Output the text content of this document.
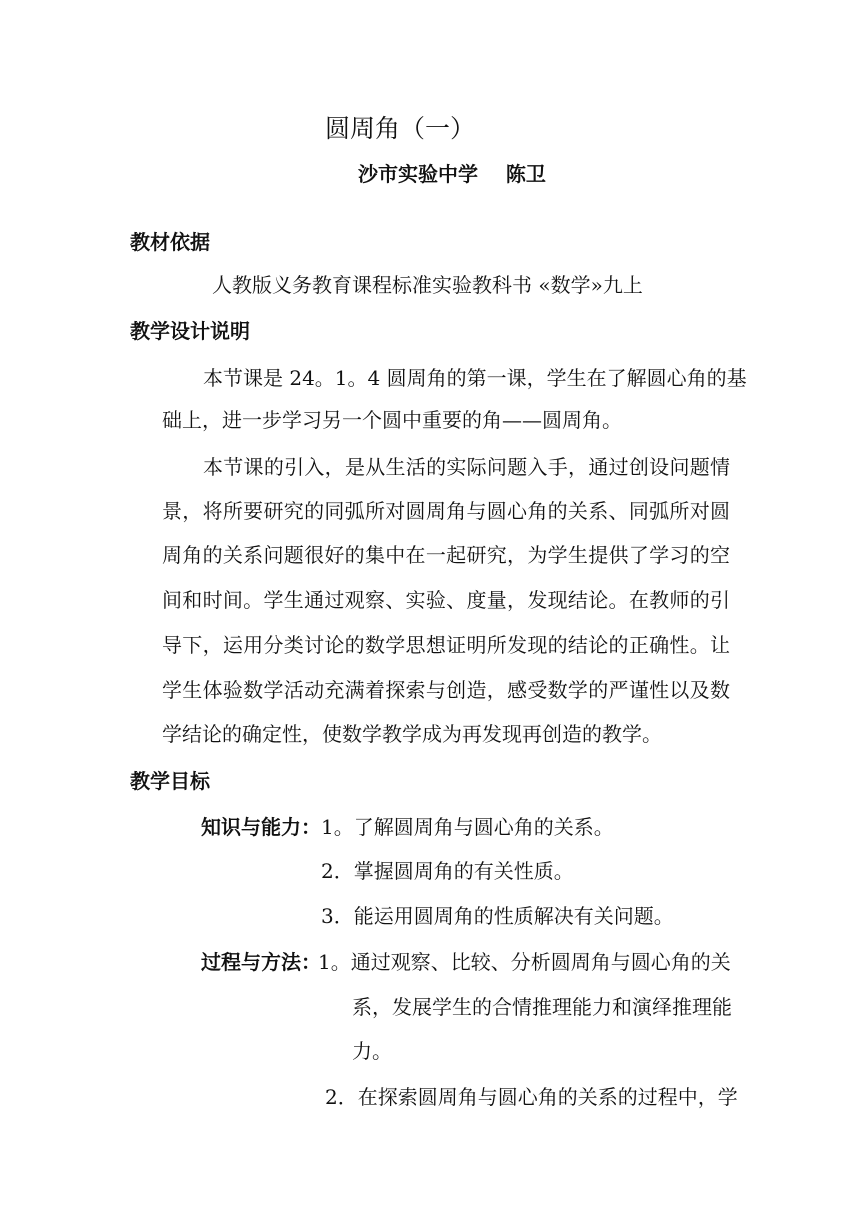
圆周角（一）
沙市实验中学    陈卫
教材依据
人教版义务教育课程标准实验教科书 «数学»九上
教学设计说明
本节课是 24。1。4 圆周角的第一课，学生在了解圆心角的基
础上，进一步学习另一个圆中重要的角——圆周角。
本节课的引入，是从生活的实际问题入手，通过创设问题情
景，将所要研究的同弧所对圆周角与圆心角的关系、同弧所对圆
周角的关系问题很好的集中在一起研究，为学生提供了学习的空
间和时间。学生通过观察、实验、度量，发现结论。在教师的引
导下，运用分类讨论的数学思想证明所发现的结论的正确性。让
学生体验数学活动充满着探索与创造，感受数学的严谨性以及数
学结论的确定性，使数学教学成为再发现再创造的教学。
教学目标
知识与能力： 1。了解圆周角与圆心角的关系。
2．掌握圆周角的有关性质。
3．能运用圆周角的性质解决有关问题。
过程与方法：
1。通过观察、比较、分析圆周角与圆心角的关
系，发展学生的合情推理能力和演绎推理能
力。
2．在探索圆周角与圆心角的关系的过程中，学
